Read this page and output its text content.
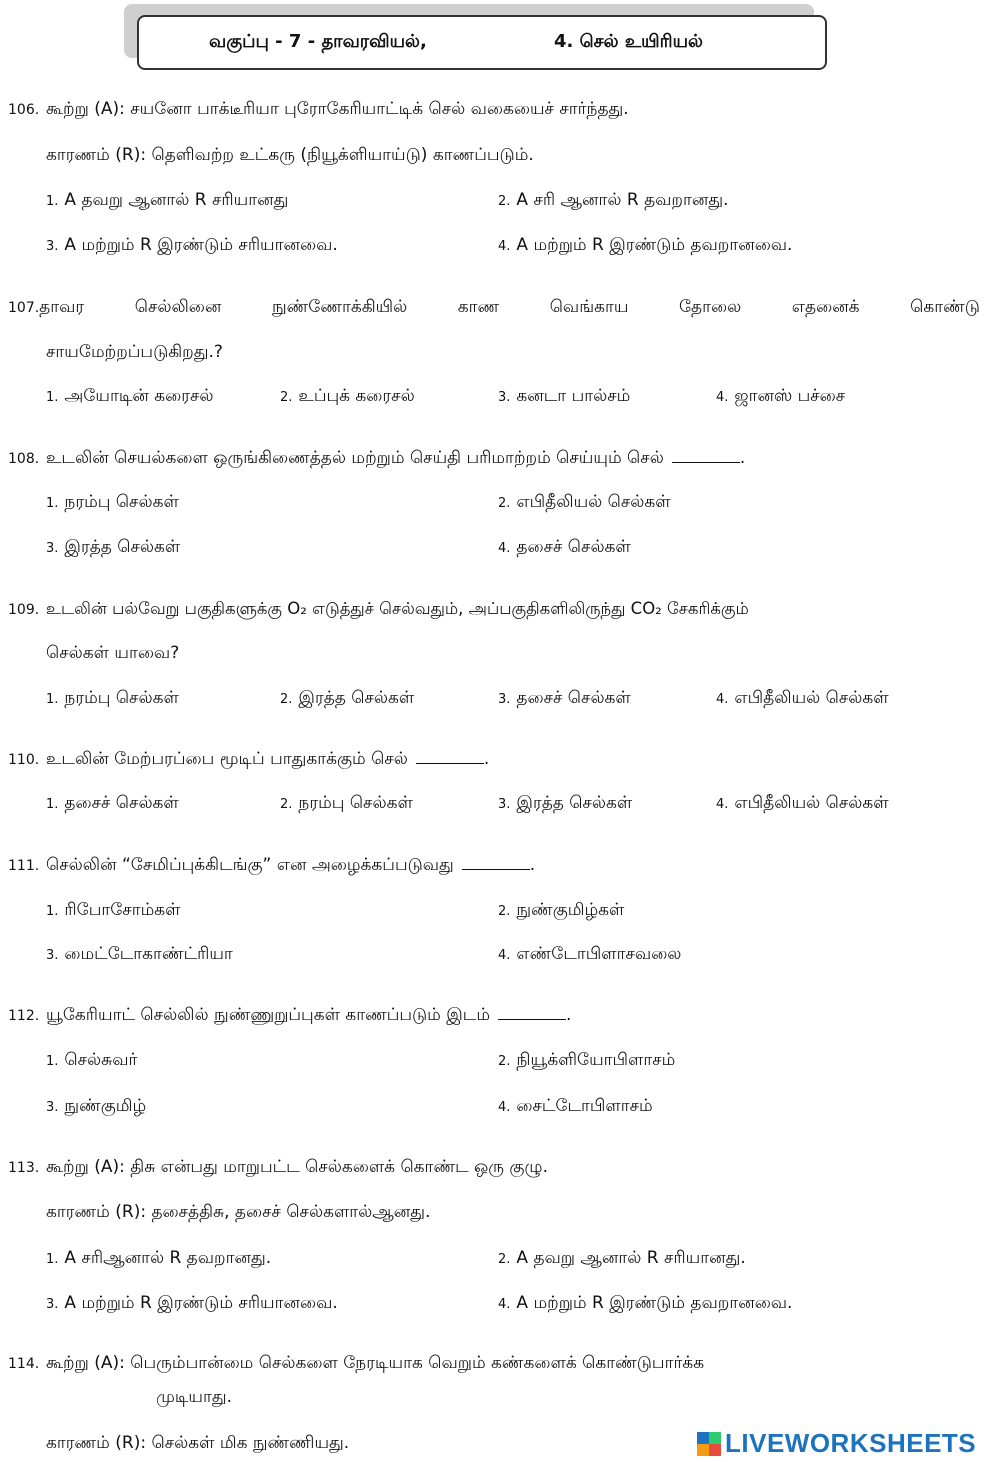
வகுப்பு - 7 - தாவரவியல்,	4. செல் உயிரியல்
106. கூற்று (A): சயனோ பாக்டீரியா புரோகேரியாட்டிக் செல் வகையைச் சார்ந்தது.
காரணம் (R): தெளிவற்ற உட்கரு (நியூக்ளியாய்டு) காணப்படும்.
1. A தவறு ஆனால் R சரியானது	2. A சரி ஆனால் R தவறானது.
3. A மற்றும் R இரண்டும் சரியானவை.	4. A மற்றும் R இரண்டும் தவறானவை.
107.தாவர	செல்லினை	நுண்ணோக்கியில்	காண	வெங்காய	தோலை	எதனைக்	கொண்டு
சாயமேற்றப்படுகிறது.?
1. அயோடின் கரைசல்	2. உப்புக் கரைசல்	3. கனடா பால்சம்	4. ஜானஸ் பச்சை
108. உடலின் செயல்களை ஒருங்கிணைத்தல் மற்றும் செய்தி பரிமாற்றம் செய்யும் செல்	.
1. நரம்பு செல்கள்	2. எபிதீலியல் செல்கள்
3. இரத்த செல்கள்	4. தசைச் செல்கள்
109. உடலின் பல்வேறு பகுதிகளுக்கு O₂ எடுத்துச் செல்வதும், அப்பகுதிகளிலிருந்து CO₂ சேகரிக்கும்
செல்கள் யாவை?
1. நரம்பு செல்கள்	2. இரத்த செல்கள்	3. தசைச் செல்கள்	4. எபிதீலியல் செல்கள்
110. உடலின் மேற்பரப்பை மூடிப் பாதுகாக்கும் செல்	.
1. தசைச் செல்கள்	2. நரம்பு செல்கள்	3. இரத்த செல்கள்	4. எபிதீலியல் செல்கள்
111. செல்லின் “சேமிப்புக்கிடங்கு” என அழைக்கப்படுவது	.
1. ரிபோசோம்கள்	2. நுண்குமிழ்கள்
3. மைட்டோகாண்ட்ரியா	4. எண்டோபிளாசவலை
112. யூகேரியாட் செல்லில் நுண்ணுறுப்புகள் காணப்படும் இடம்	.
1. செல்சுவர்	2. நியூக்ளியோபிளாசம்
3. நுண்குமிழ்	4. சைட்டோபிளாசம்
113. கூற்று (A): திசு என்பது மாறுபட்ட செல்களைக் கொண்ட ஒரு குழு.
காரணம் (R): தசைத்திசு, தசைச் செல்களால்ஆனது.
1. A சரிஆனால் R தவறானது.	2. A தவறு ஆனால் R சரியானது.
3. A மற்றும் R இரண்டும் சரியானவை.	4. A மற்றும் R இரண்டும் தவறானவை.
114. கூற்று (A): பெரும்பான்மை செல்களை நேரடியாக வெறும் கண்களைக் கொண்டுபார்க்க
முடியாது.
காரணம் (R): செல்கள் மிக நுண்ணியது.	LIVEWORKSHEETS
